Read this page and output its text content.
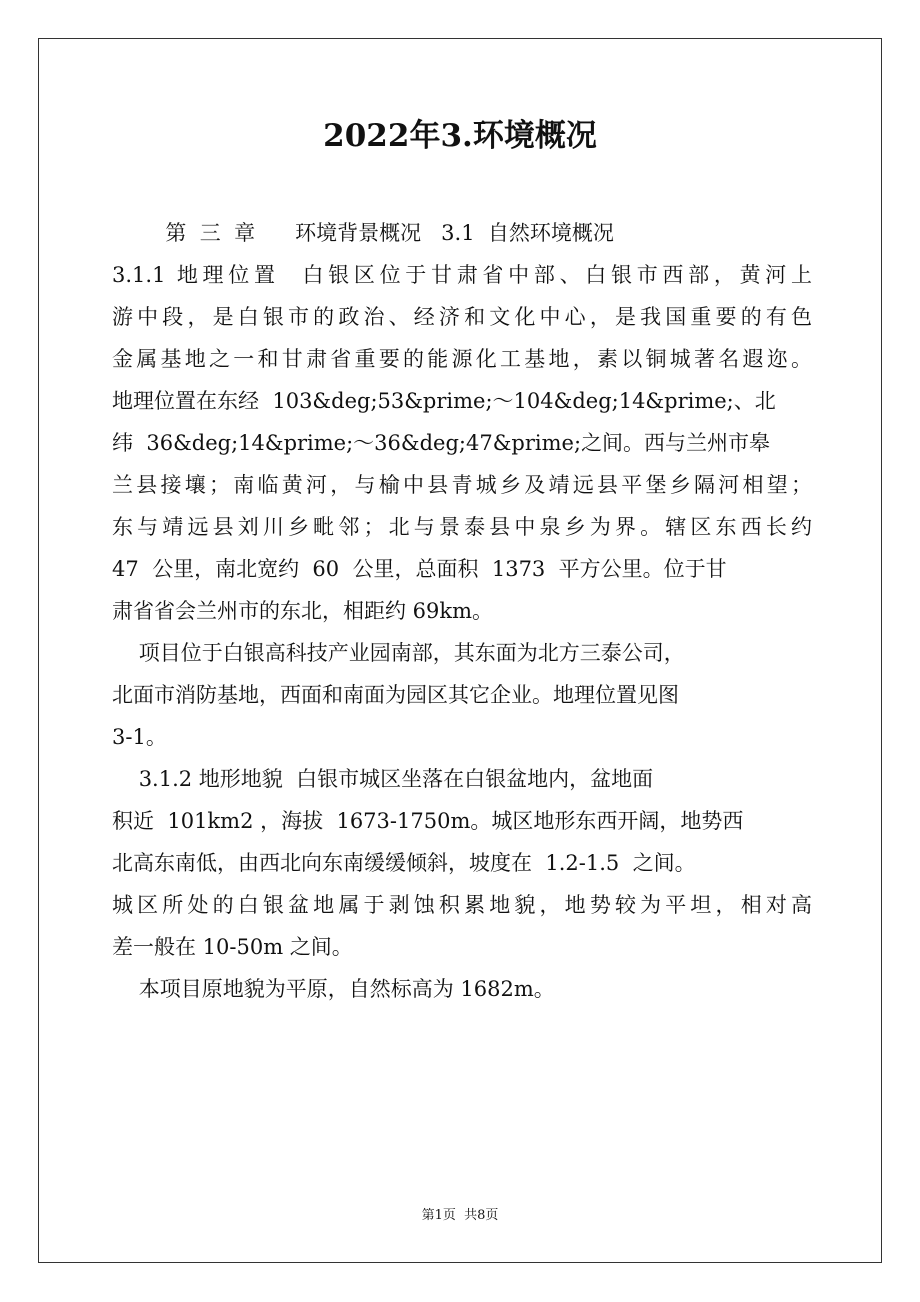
2022年3.环境概况
第  三  章      环境背景概况   3.1  自然环境概况
3.1.1 地理位置  白银区位于甘肃省中部、白银市西部，黄河上
游中段，是白银市的政治、经济和文化中心，是我国重要的有色
金属基地之一和甘肃省重要的能源化工基地，素以铜城著名遐迩。
地理位置在东经  103&deg;53&prime;～104&deg;14&prime;、北
纬  36&deg;14&prime;～36&deg;47&prime;之间。西与兰州市皋
兰县接壤；南临黄河，与榆中县青城乡及靖远县平堡乡隔河相望；
东与靖远县刘川乡毗邻；北与景泰县中泉乡为界。辖区东西长约
47  公里，南北宽约  60  公里，总面积  1373  平方公里。位于甘
肃省省会兰州市的东北，相距约 69km。
项目位于白银高科技产业园南部，其东面为北方三泰公司，
北面市消防基地，西面和南面为园区其它企业。地理位置见图
3-1。
3.1.2 地形地貌  白银市城区坐落在白银盆地内，盆地面
积近  101km2 ，海拔  1673-1750m。城区地形东西开阔，地势西
北高东南低，由西北向东南缓缓倾斜，坡度在  1.2-1.5  之间。
城区所处的白银盆地属于剥蚀积累地貌，地势较为平坦，相对高
差一般在 10-50m 之间。
本项目原地貌为平原，自然标高为 1682m。
第1页  共8页
